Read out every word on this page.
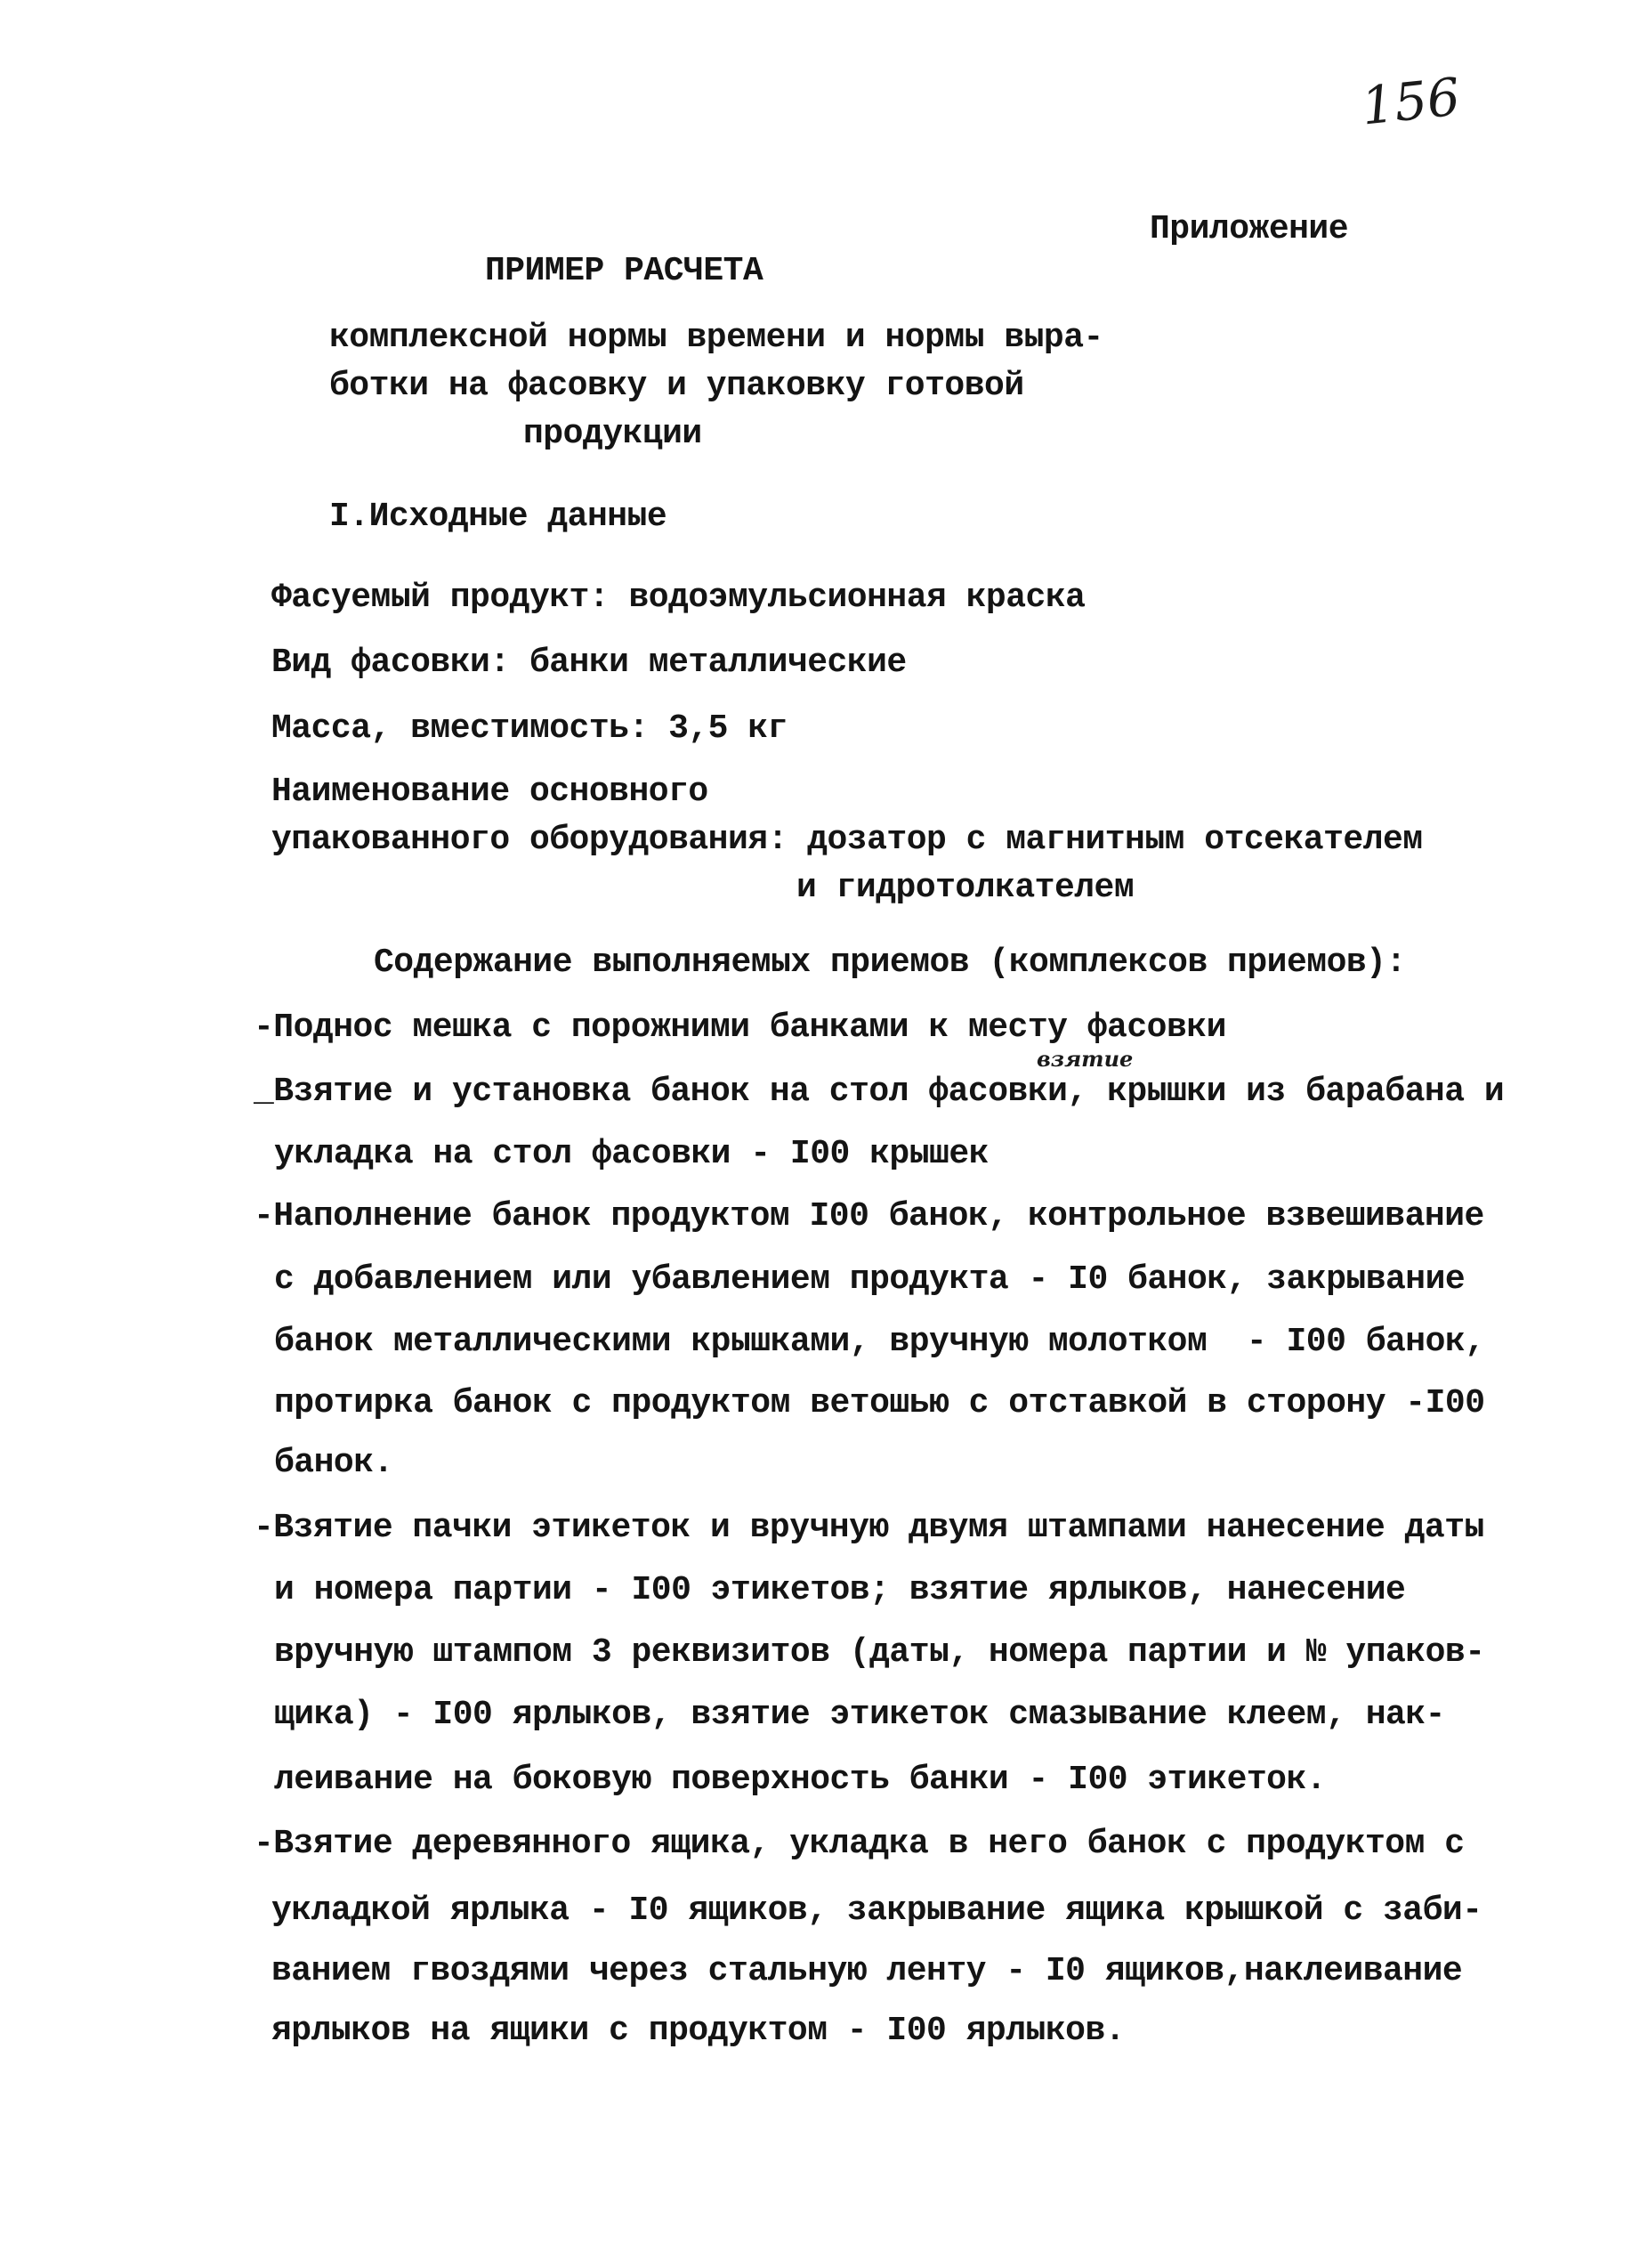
156
Приложение
ПРИМЕР РАСЧЕТА
комплексной нормы времени и нормы выра-
ботки на фасовку и упаковку готовой
продукции
I.Исходные данные
Фасуемый продукт: водоэмульсионная краска
Вид фасовки: банки металлические
Масса, вместимость: 3,5 кг
Наименование основного
упакованного оборудования: дозатор с магнитным отсекателем
и гидротолкателем
Содержание выполняемых приемов (комплексов приемов):
взятие
-Поднос мешка с порожними банками к месту фасовки
_Взятие и установка банок на стол фасовки, крышки из барабана и
укладка на стол фасовки - I00 крышек
-Наполнение банок продуктом I00 банок, контрольное взвешивание
с добавлением или убавлением продукта - I0 банок, закрывание
банок металлическими крышками, вручную молотком  - I00 банок,
протирка банок с продуктом ветошью с отставкой в сторону -I00
банок.
-Взятие пачки этикеток и вручную двумя штампами нанесение даты
и номера партии - I00 этикетов; взятие ярлыков, нанесение
вручную штампом 3 реквизитов (даты, номера партии и № упаков-
щика) - I00 ярлыков, взятие этикеток смазывание клеем, нак-
леивание на боковую поверхность банки - I00 этикеток.
-Взятие деревянного ящика, укладка в него банок с продуктом с
укладкой ярлыка - I0 ящиков, закрывание ящика крышкой с заби-
ванием гвоздями через стальную ленту - I0 ящиков,наклеивание
ярлыков на ящики с продуктом - I00 ярлыков.
